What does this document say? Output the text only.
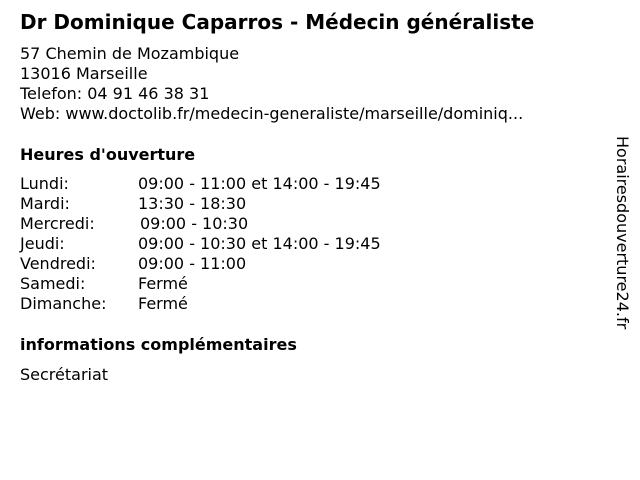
Dr Dominique Caparros - Médecin généraliste
57 Chemin de Mozambique
13016 Marseille
Telefon: 04 91 46 38 31
Web: www.doctolib.fr/medecin-generaliste/marseille/dominiq...
Heures d'ouverture
Lundi:	09:00 - 11:00 et 14:00 - 19:45
Mardi:	13:30 - 18:30
Mercredi:	09:00 - 10:30
Jeudi:	09:00 - 10:30 et 14:00 - 19:45
Vendredi:	09:00 - 11:00
Samedi:	Fermé
Dimanche: Fermé
informations complémentaires
Secrétariat
Horairesdouverture24.fr
